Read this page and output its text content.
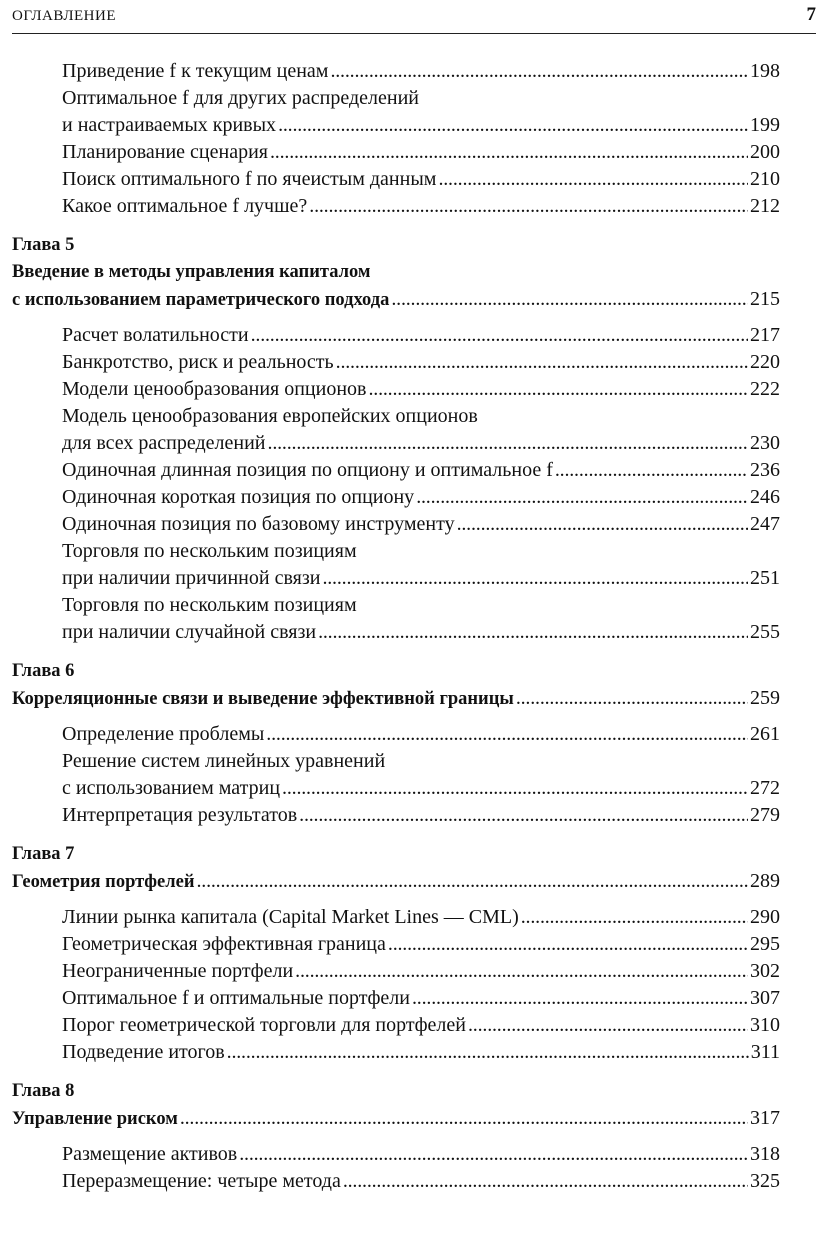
ОГЛАВЛЕНИЕ	7
Приведение f к текущим ценам . . .	198
Оптимальное f для других распределений
и настраиваемых кривых . . .	199
Планирование сценария . . .	200
Поиск оптимального f по ячеистым данным . . .	210
Какое оптимальное f лучше? . . .	212
Глава 5
Введение в методы управления капиталом
с использованием параметрического подхода . . .	215
Расчет волатильности . . .	217
Банкротство, риск и реальность . . .	220
Модели ценообразования опционов . . .	222
Модель ценообразования европейских опционов
для всех распределений . . .	230
Одиночная длинная позиция по опциону и оптимальное f . . .	236
Одиночная короткая позиция по опциону . . .	246
Одиночная позиция по базовому инструменту . . .	247
Торговля по нескольким позициям
при наличии причинной связи . . .	251
Торговля по нескольким позициям
при наличии случайной связи . . .	255
Глава 6
Корреляционные связи и выведение эффективной границы . . .	259
Определение проблемы . . .	261
Решение систем линейных уравнений
с использованием матриц . . .	272
Интерпретация результатов . . .	279
Глава 7
Геометрия портфелей . . .	289
Линии рынка капитала (Capital Market Lines — CML) . . .	290
Геометрическая эффективная граница . . .	295
Неограниченные портфели . . .	302
Оптимальное f и оптимальные портфели . . .	307
Порог геометрической торговли для портфелей . . .	310
Подведение итогов . . .	311
Глава 8
Управление риском . . .	317
Размещение активов . . .	318
Переразмещение: четыре метода . . .	325
